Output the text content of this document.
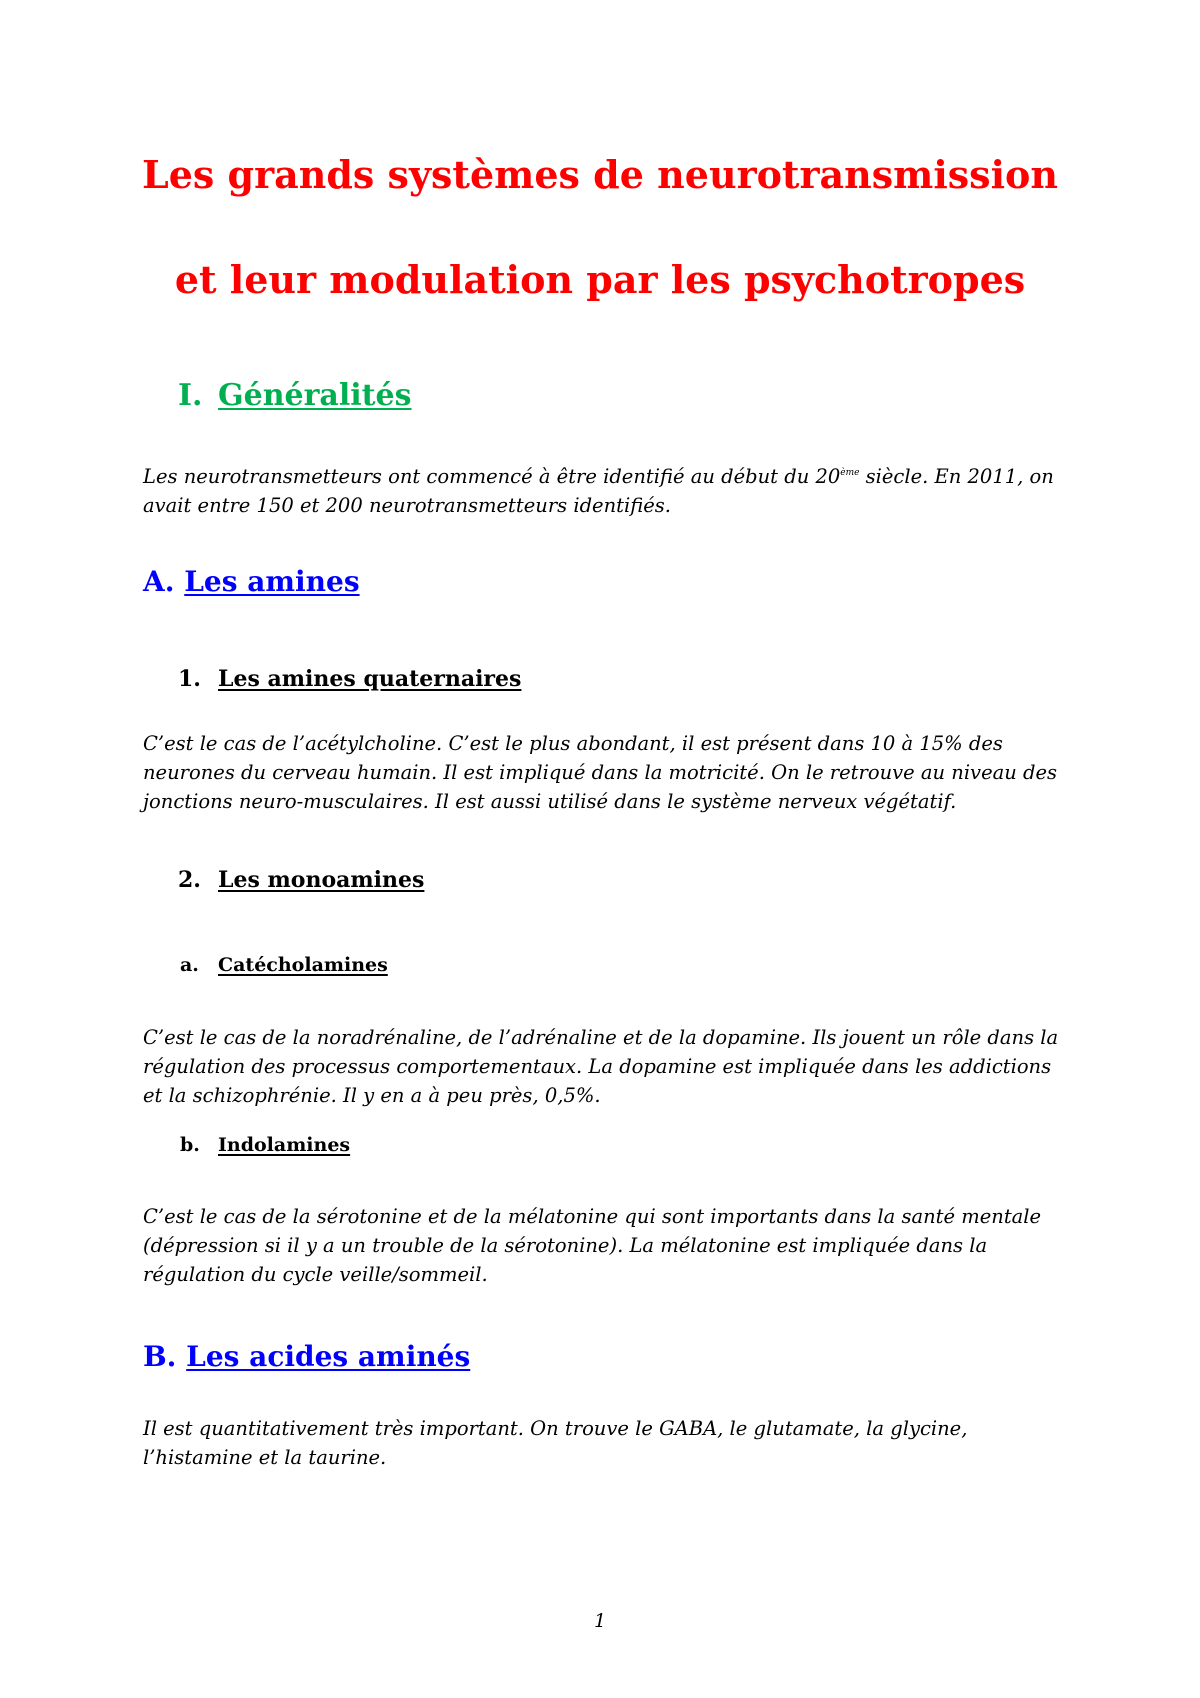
Les grands systèmes de neurotransmission
et leur modulation par les psychotropes
I. Généralités

Les neurotransmetteurs ont commencé à être identifié au début du 20ème siècle. En 2011, on

avait entre 150 et 200 neurotransmetteurs identifiés.

A. Les amines
1. Les amines quaternaires

C’est le cas de l’acétylcholine. C’est le plus abondant, il est présent dans 10 à 15% des

neurones du cerveau humain. Il est impliqué dans la motricité. On le retrouve au niveau des

jonctions neuro-musculaires. Il est aussi utilisé dans le système nerveux végétatif.

2. Les monoamines
a. Catécholamines

C’est le cas de la noradrénaline, de l’adrénaline et de la dopamine. Ils jouent un rôle dans la

régulation des processus comportementaux. La dopamine est impliquée dans les addictions

et la schizophrénie. Il y en a à peu près, 0,5%.

b. Indolamines

C’est le cas de la sérotonine et de la mélatonine qui sont importants dans la santé mentale

(dépression si il y a un trouble de la sérotonine). La mélatonine est impliquée dans la

régulation du cycle veille/sommeil.

B. Les acides aminés

Il est quantitativement très important. On trouve le GABA, le glutamate, la glycine,

l’histamine et la taurine.

1
